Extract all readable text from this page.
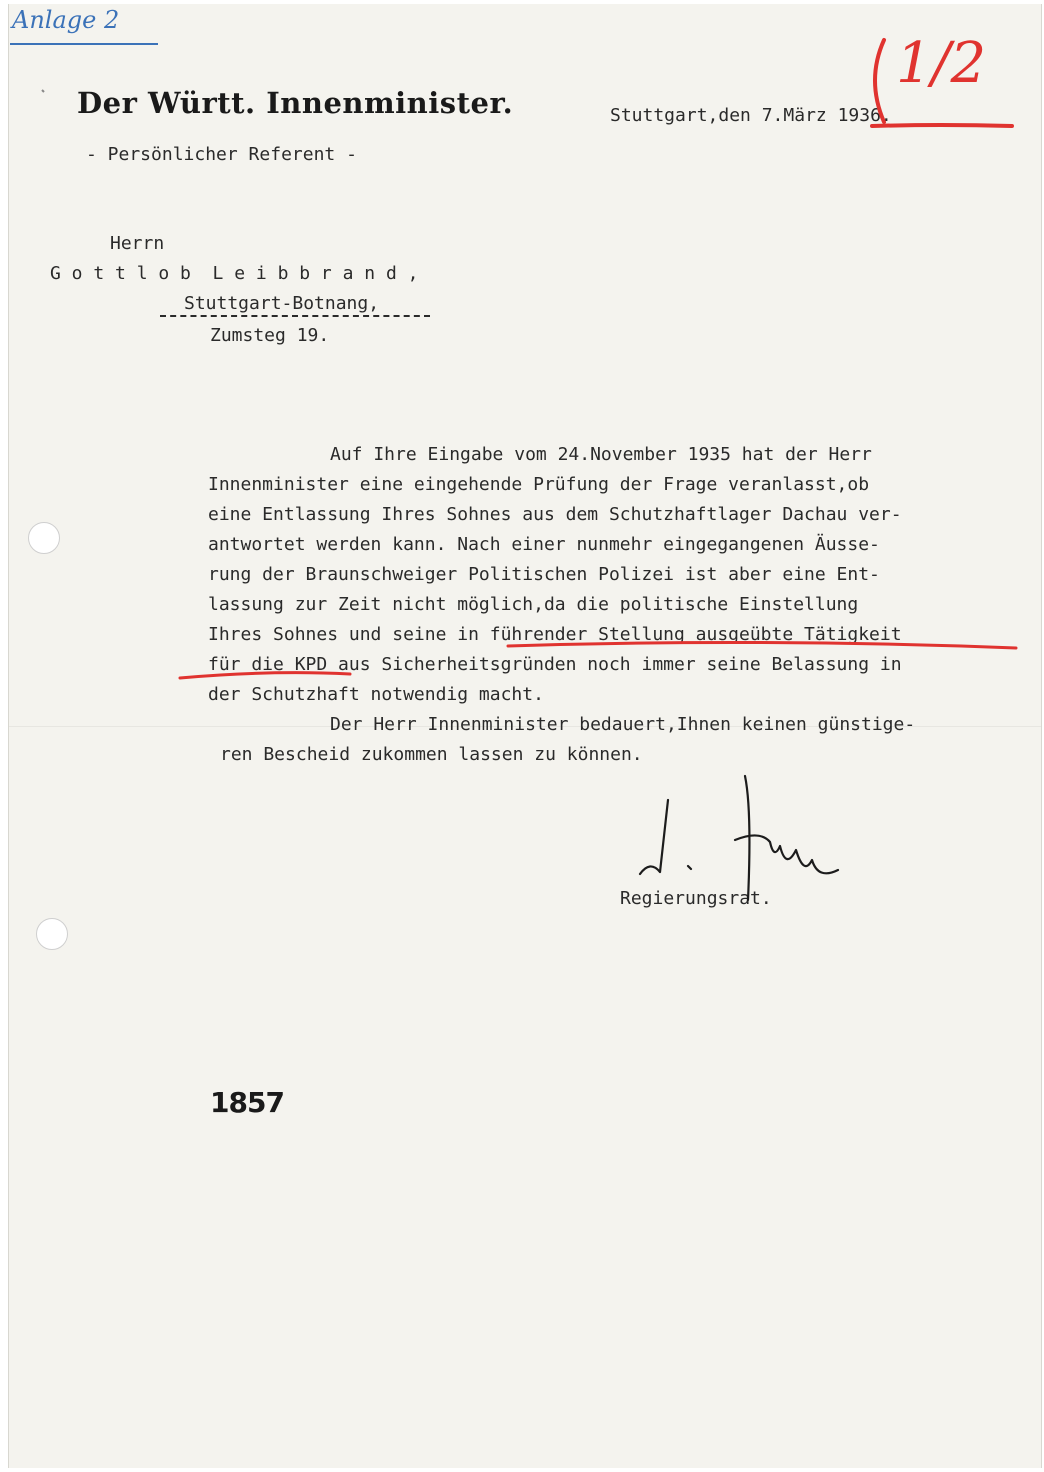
Anlage 2
1/2
Der Württ. Innenminister.
- Persönlicher Referent -
Stuttgart,den 7.März 1936.
Herrn
G o t t l o b  L e i b b r a n d ,
Stuttgart-Botnang,
Zumsteg 19.
Auf Ihre Eingabe vom 24.November 1935 hat der Herr
Innenminister eine eingehende Prüfung der Frage veranlasst,ob
eine Entlassung Ihres Sohnes aus dem Schutzhaftlager Dachau ver-
antwortet werden kann. Nach einer nunmehr eingegangenen Äusse-
rung der Braunschweiger Politischen Polizei ist aber eine Ent-
lassung zur Zeit nicht möglich,da die politische Einstellung
Ihres Sohnes und seine in führender Stellung ausgeübte Tätigkeit
für die KPD aus Sicherheitsgründen noch immer seine Belassung in
der Schutzhaft notwendig macht.
Der Herr Innenminister bedauert,Ihnen keinen günstige-
ren Bescheid zukommen lassen zu können.
Regierungsrat.
1857
